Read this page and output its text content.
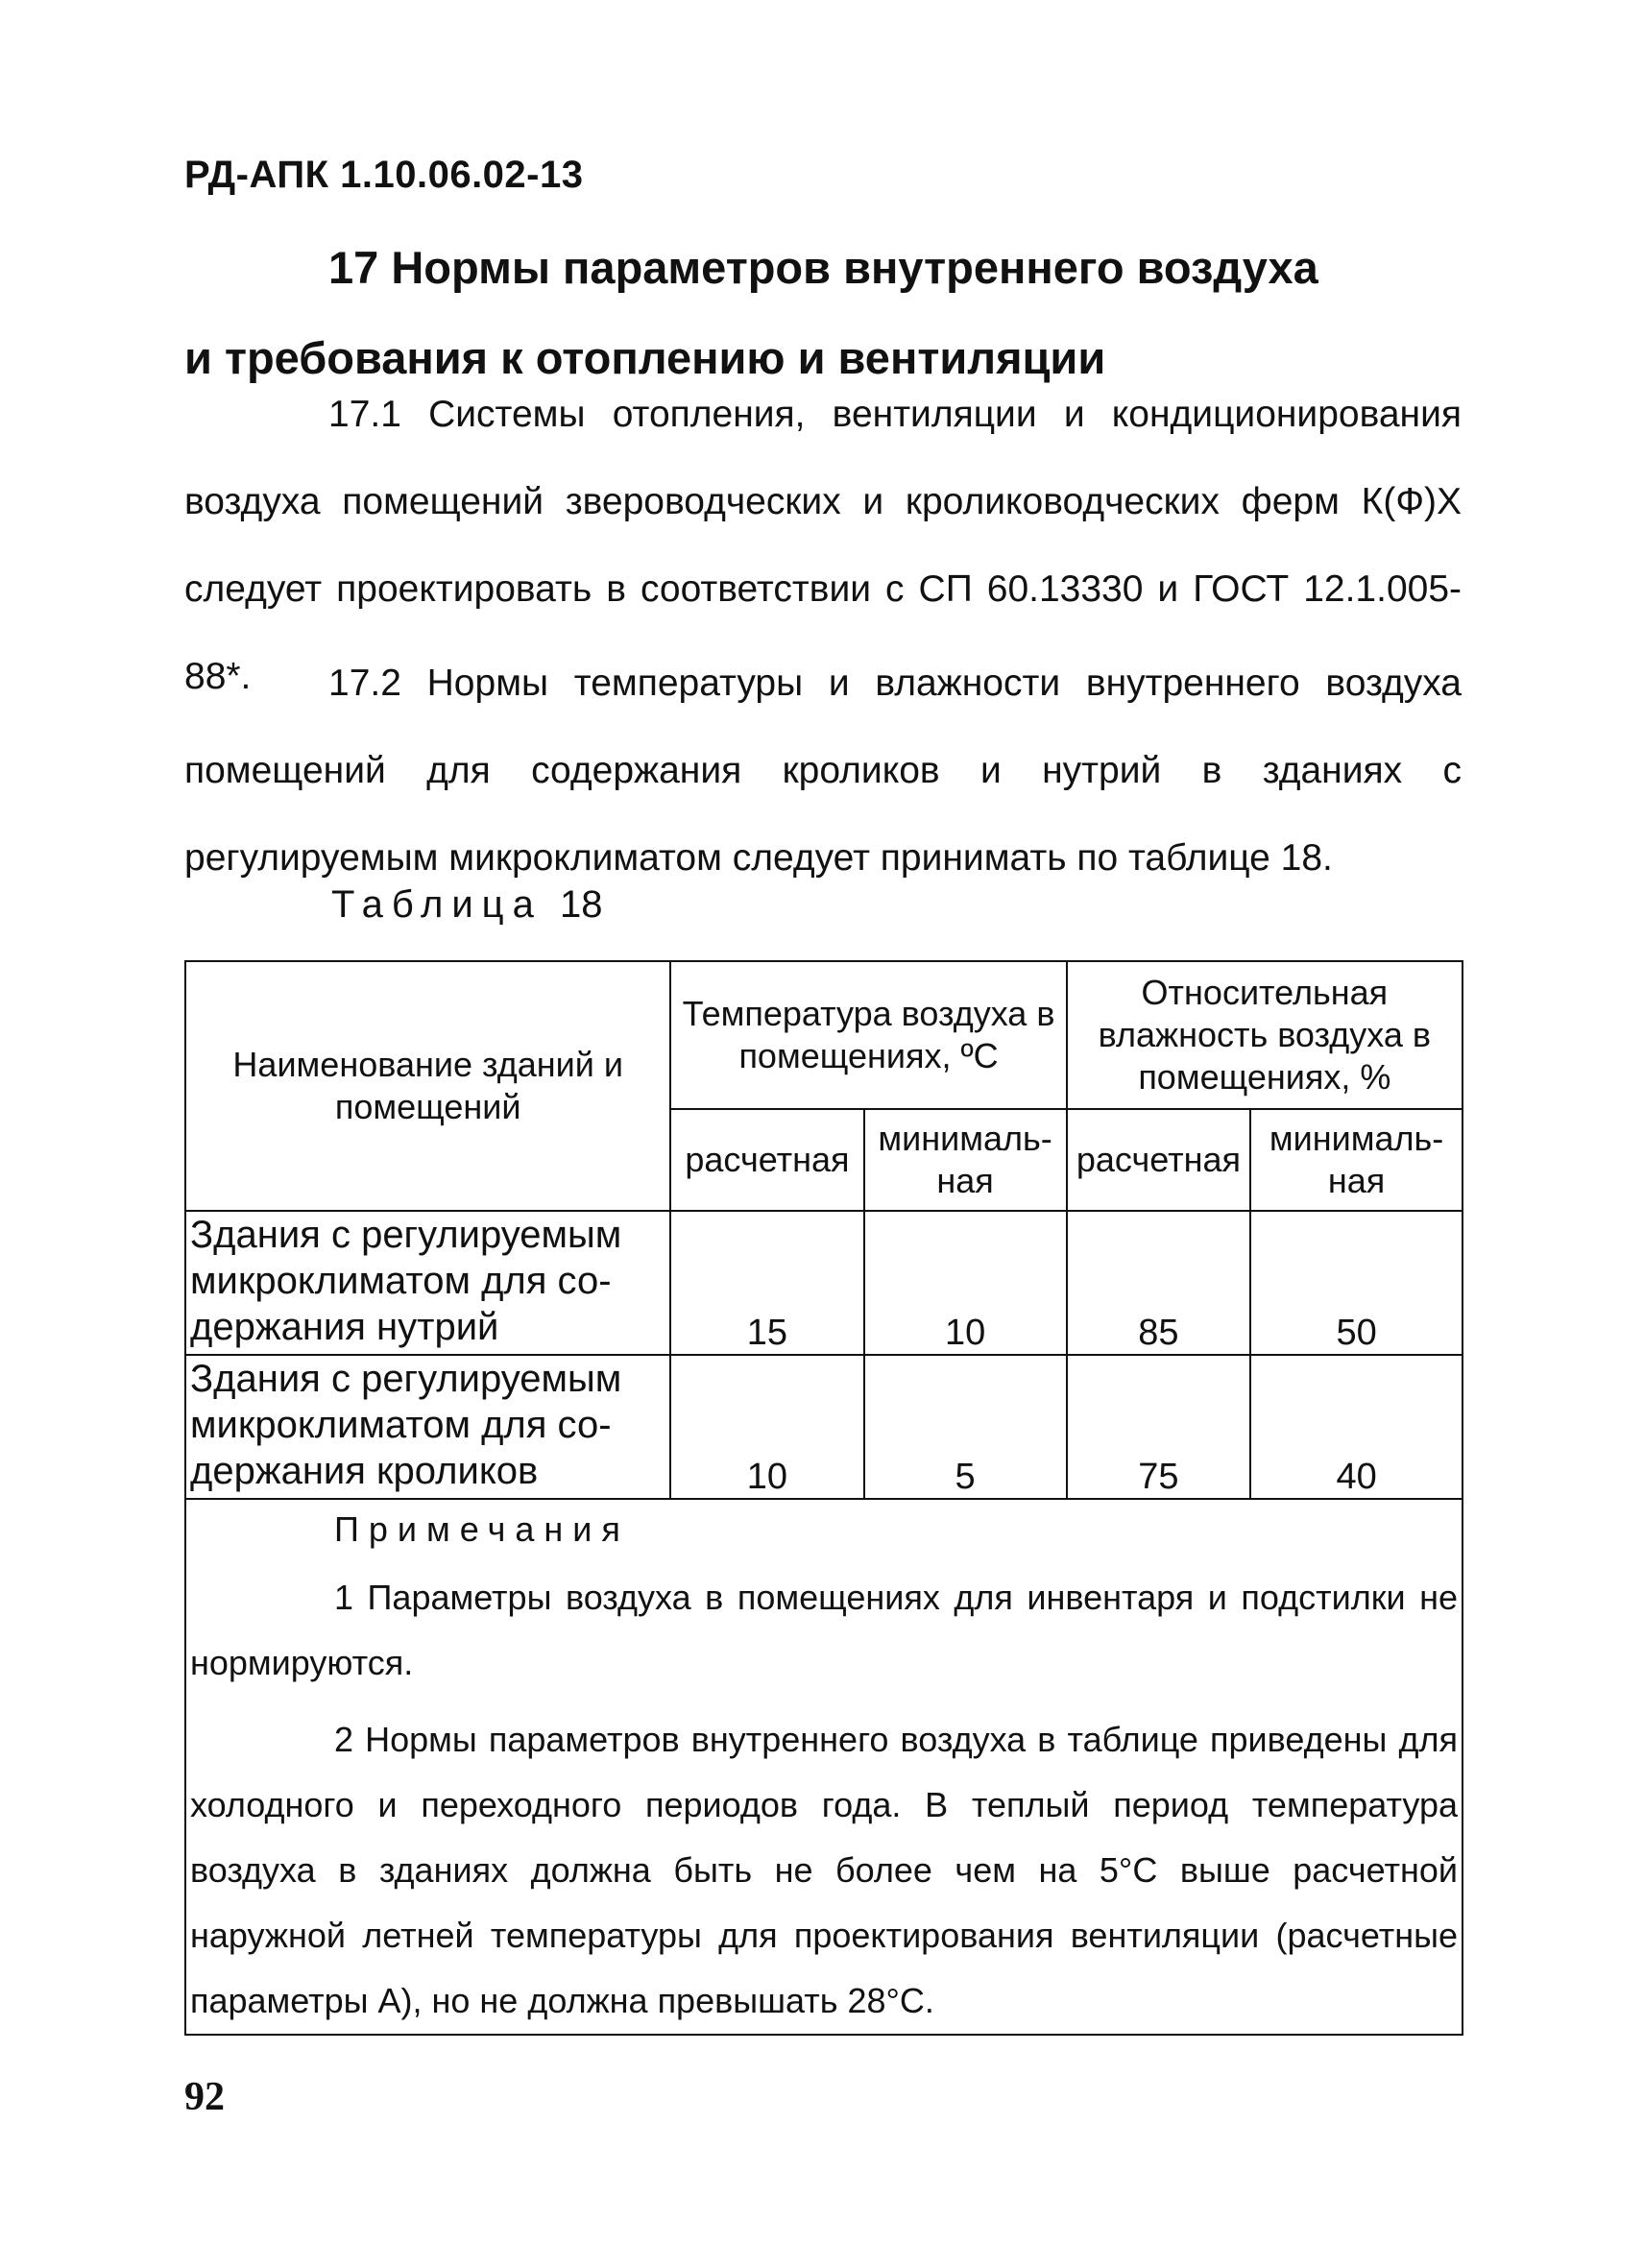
РД-АПК 1.10.06.02-13
17 Нормы параметров внутреннего воздуха
и требования к отоплению и вентиляции

17.1 Системы отопления, вентиляции и кондиционирования воздуха помещений звероводческих и кролиководческих ферм К(Ф)Х следует проектировать в соответствии с СП 60.13330 и ГОСТ 12.1.005-88*.	17.2 Нормы температуры и влажности внутреннего воздуха помещений для содержания кроликов и нутрий в зданиях с регулируемым микроклиматом следует принимать по таблице 18.

Таблица 18
Наименование зданий и помещений	Температура воздуха в помещениях, ºС		Относительная влажность воздуха в помещениях, %	
	расчетная	минималь-ная	расчетная	минималь-ная
Здания с регулируемым микроклиматом для со-держания нутрий	15	10	85	50
Здания с регулируемым микроклиматом для со-держания кроликов	10	5	75	40

Примечания
1 Параметры воздуха в помещениях для инвентаря и подстилки не нормируются.
2 Нормы параметров внутреннего воздуха в таблице приведены для холодного и переходного периодов года. В теплый период температура воздуха в зданиях должна быть не более чем на 5°С выше расчетной наружной летней температуры для проектирования вентиляции (расчетные параметры А), но не должна превышать 28°С.				
92
